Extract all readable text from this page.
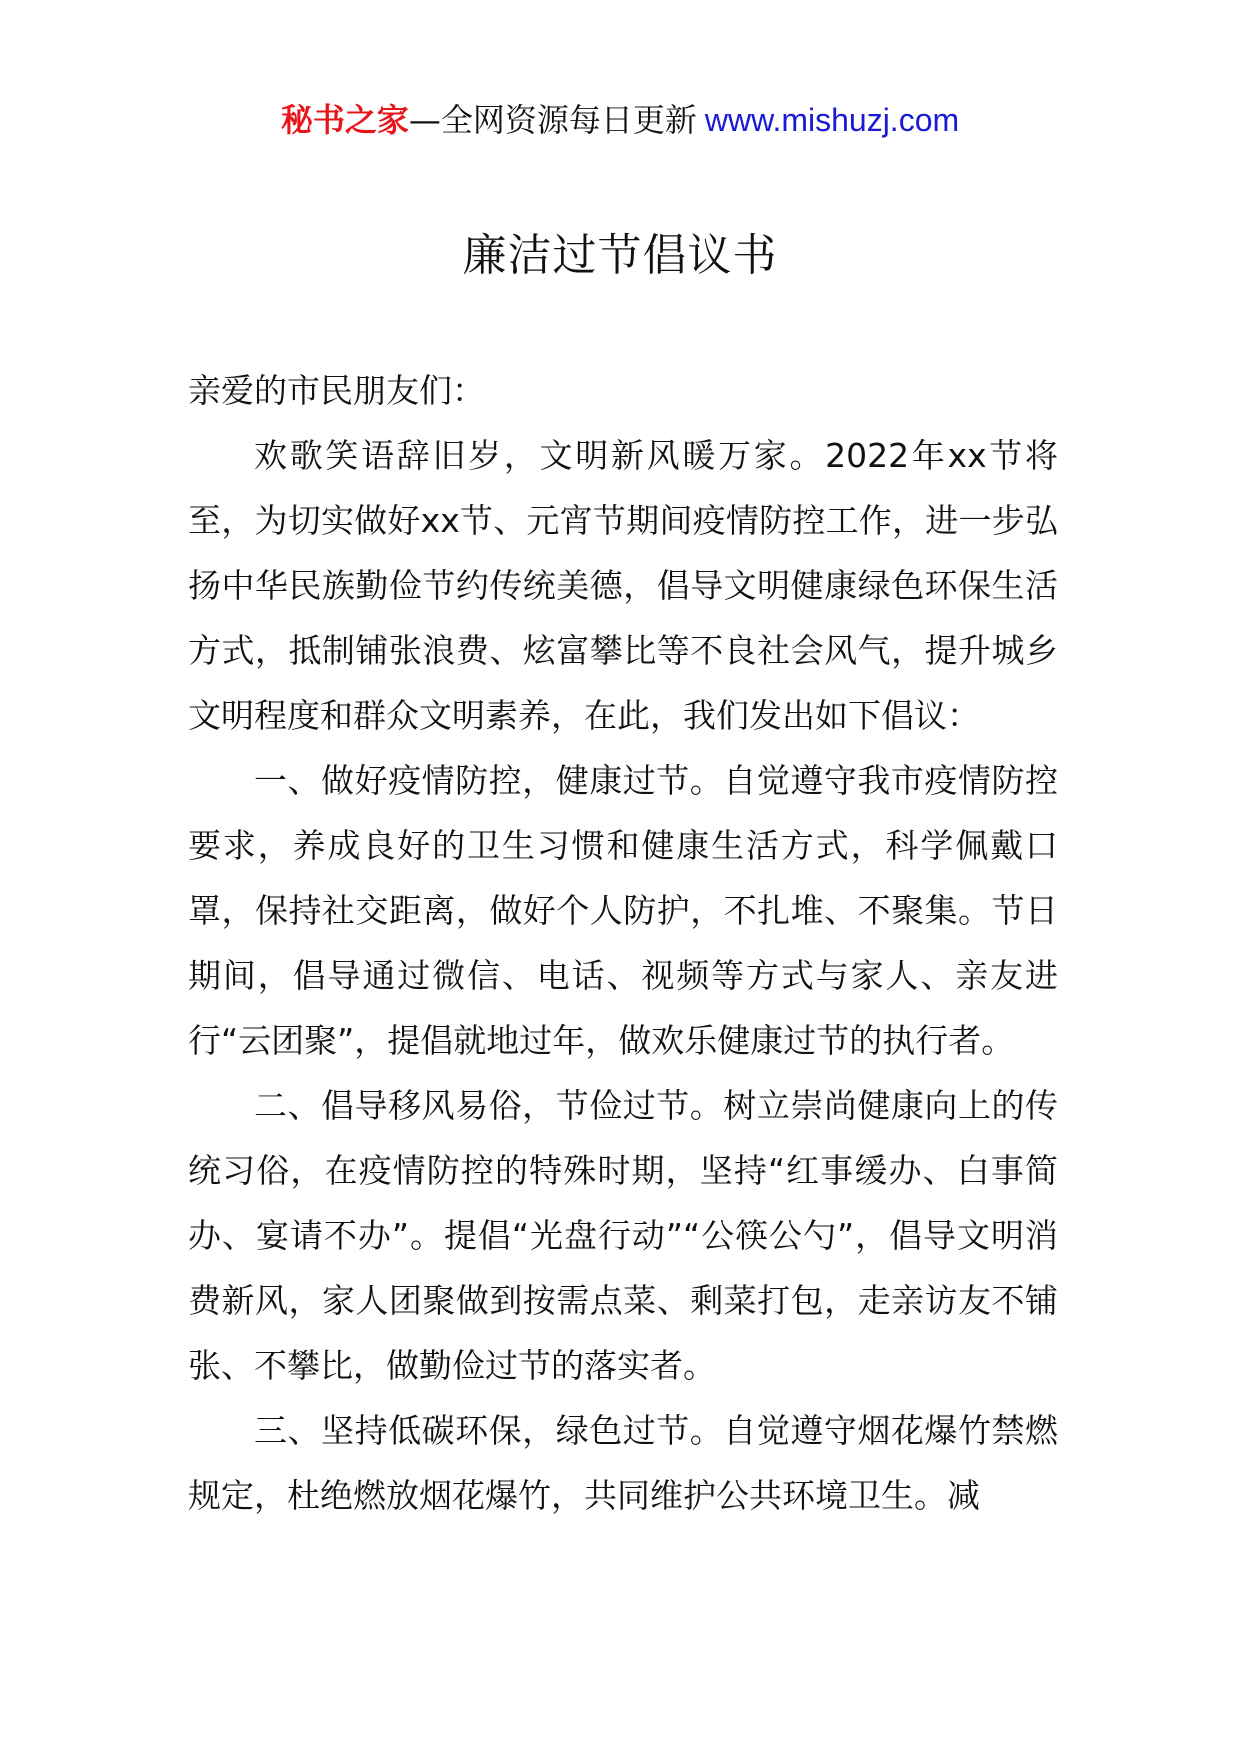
秘书之家—全网资源每日更新 www.mishuzj.com
廉洁过节倡议书

亲爱的市民朋友们：

欢歌笑语辞旧岁，文明新风暖万家。2022年xx节将至，为切实做好xx节、元宵节期间疫情防控工作，进一步弘扬中华民族勤俭节约传统美德，倡导文明健康绿色环保生活方式，抵制铺张浪费、炫富攀比等不良社会风气，提升城乡文明程度和群众文明素养，在此，我们发出如下倡议：

一、做好疫情防控，健康过节。自觉遵守我市疫情防控要求，养成良好的卫生习惯和健康生活方式，科学佩戴口罩，保持社交距离，做好个人防护，不扎堆、不聚集。节日期间，倡导通过微信、电话、视频等方式与家人、亲友进行“云团聚”，提倡就地过年，做欢乐健康过节的执行者。

二、倡导移风易俗，节俭过节。树立崇尚健康向上的传统习俗，在疫情防控的特殊时期，坚持“红事缓办、白事简办、宴请不办”。提倡“光盘行动”“公筷公勺”，倡导文明消费新风，家人团聚做到按需点菜、剩菜打包，走亲访友不铺张、不攀比，做勤俭过节的落实者。

三、坚持低碳环保，绿色过节。自觉遵守烟花爆竹禁燃规定，杜绝燃放烟花爆竹，共同维护公共环境卫生。减
